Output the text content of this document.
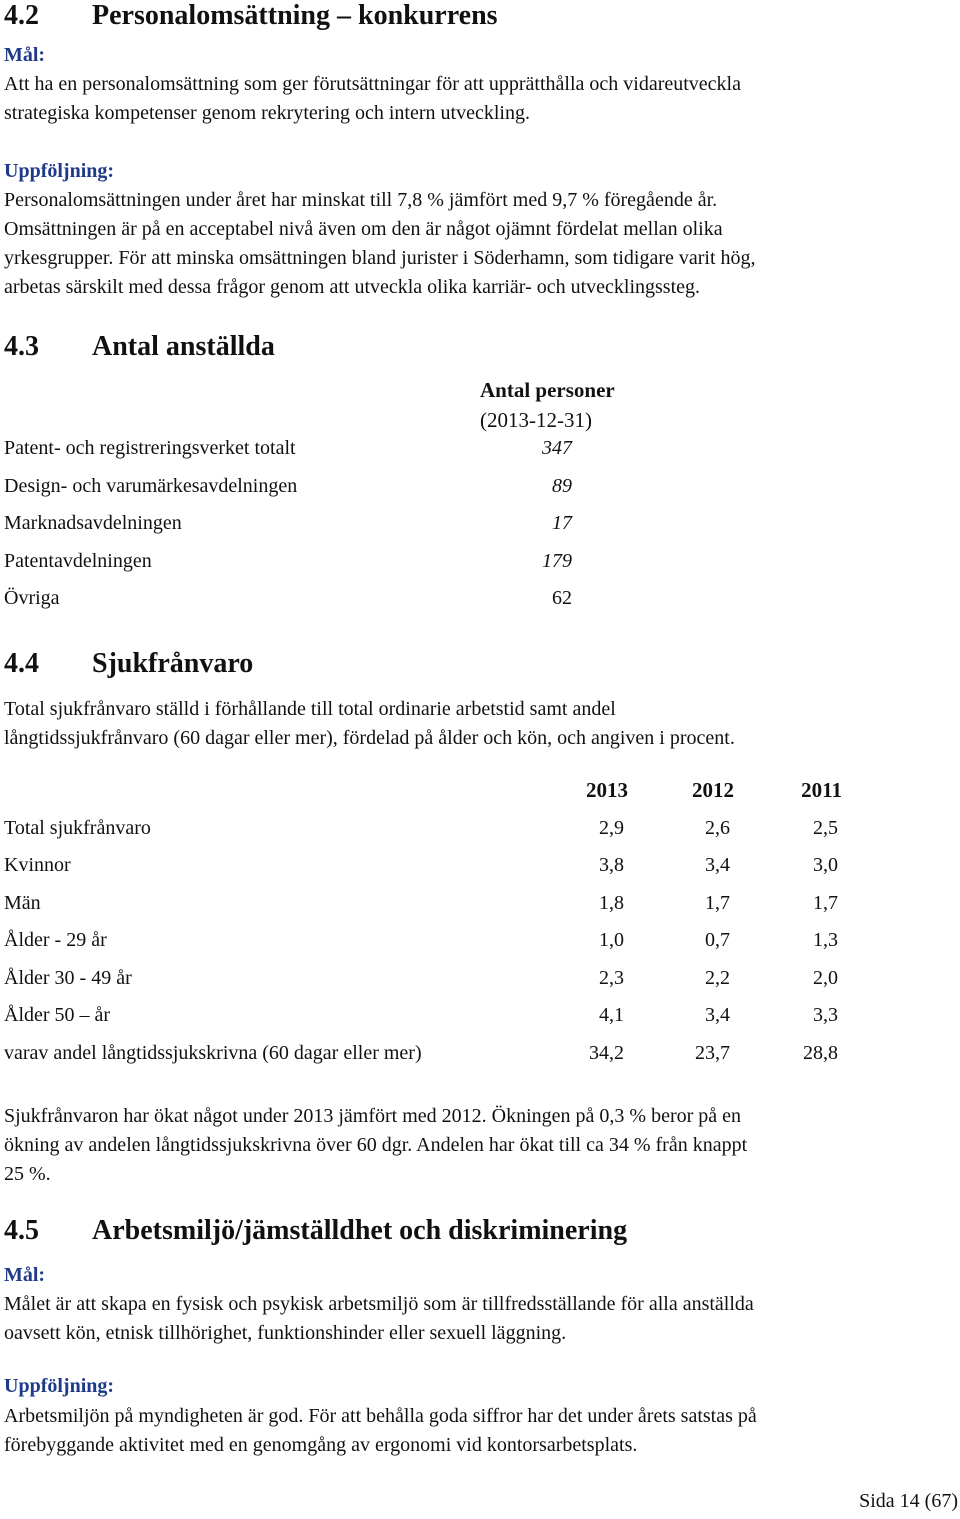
4.2 Personalomsättning – konkurrens
Mål:
Att ha en personalomsättning som ger förutsättningar för att upprätthålla och vidareutveckla
strategiska kompetenser genom rekrytering och intern utveckling.
Uppföljning:
Personalomsättningen under året har minskat till 7,8 % jämfört med 9,7 % föregående år.
Omsättningen är på en acceptabel nivå även om den är något ojämnt fördelat mellan olika
yrkesgrupper. För att minska omsättningen bland jurister i Söderhamn, som tidigare varit hög,
arbetas särskilt med dessa frågor genom att utveckla olika karriär- och utvecklingssteg.
4.3 Antal anställda
Antal personer
(2013-12-31)
Patent- och registreringsverket totalt	347
Design- och varumärkesavdelningen	89
Marknadsavdelningen	17
Patentavdelningen	179
Övriga	62
4.4 Sjukfrånvaro
Total sjukfrånvaro ställd i förhållande till total ordinarie arbetstid samt andel
långtidssjukfrånvaro (60 dagar eller mer), fördelad på ålder och kön, och angiven i procent.
2013	2012	2011
Total sjukfrånvaro	2,9	2,6	2,5
Kvinnor	3,8	3,4	3,0
Män	1,8	1,7	1,7
Ålder - 29 år	1,0	0,7	1,3
Ålder 30 - 49 år	2,3	2,2	2,0
Ålder 50 – år	4,1	3,4	3,3
varav andel långtidssjukskrivna (60 dagar eller mer)	34,2	23,7	28,8
Sjukfrånvaron har ökat något under 2013 jämfört med 2012. Ökningen på 0,3 % beror på en
ökning av andelen långtidssjukskrivna över 60 dgr. Andelen har ökat till ca 34 % från knappt
25 %.
4.5 Arbetsmiljö/jämställdhet och diskriminering
Mål:
Målet är att skapa en fysisk och psykisk arbetsmiljö som är tillfredsställande för alla anställda
oavsett kön, etnisk tillhörighet, funktionshinder eller sexuell läggning.
Uppföljning:
Arbetsmiljön på myndigheten är god. För att behålla goda siffror har det under årets satstas på
förebyggande aktivitet med en genomgång av ergonomi vid kontorsarbetsplats.
Sida 14 (67)
